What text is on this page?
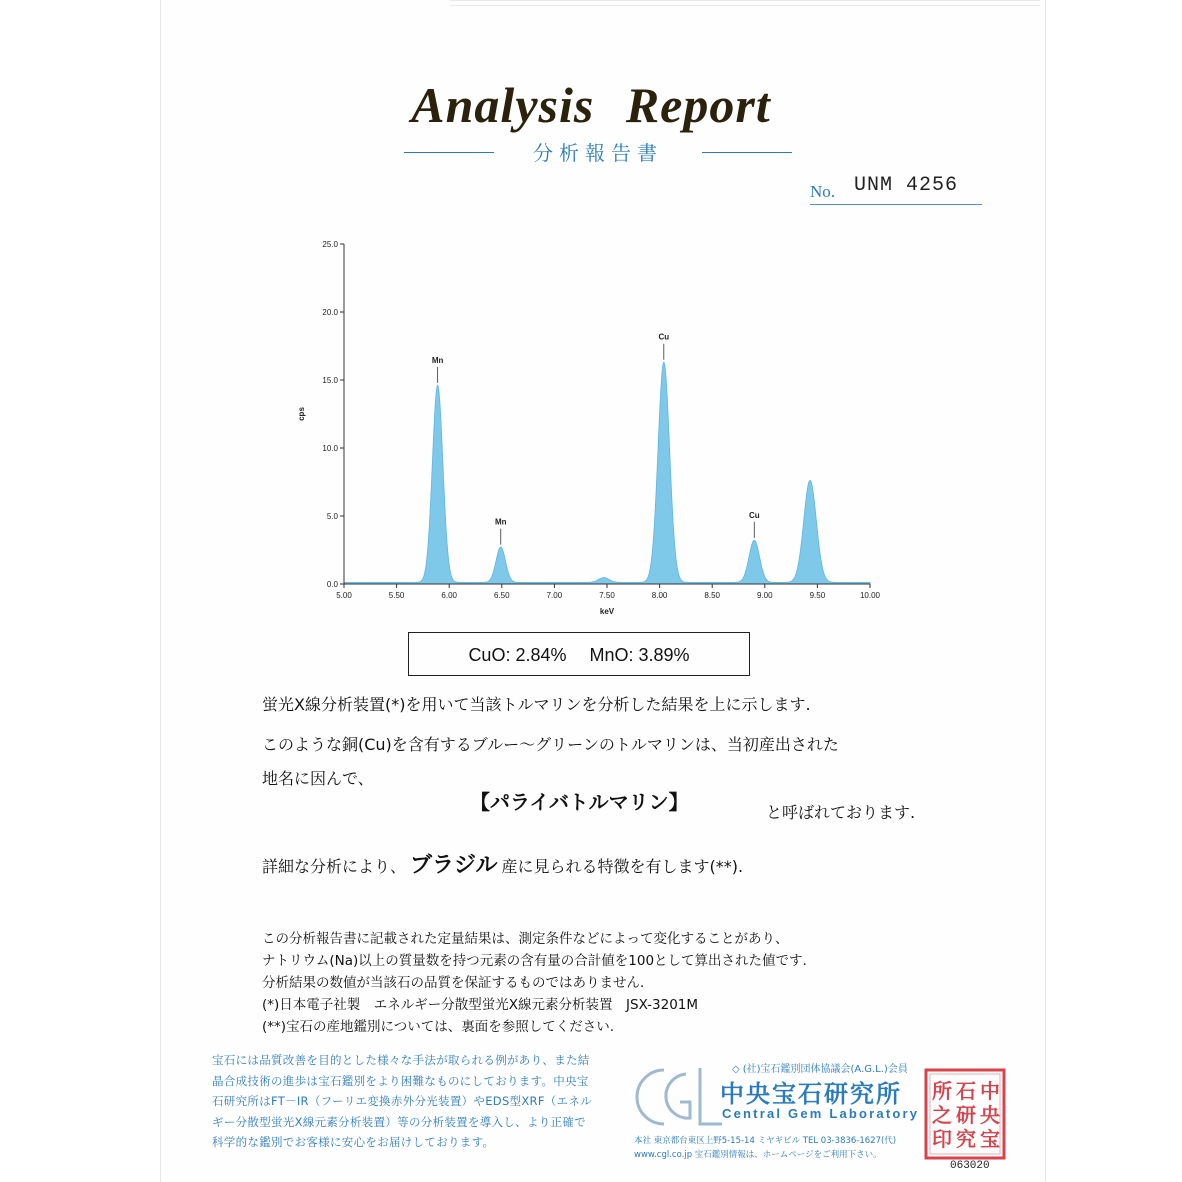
Analysis Report
分析報告書
No. UNM 4256
5.00	5.50	6.00	6.50	7.00	7.50	8.00	8.50	9.00	9.50	10.00
0.0
5.0
10.0
15.0
20.0
25.0
keV
cps
Mn
Mn
Cu
Cu
CuO: 2.84% MnO: 3.89%
蛍光X線分析装置(*)を用いて当該トルマリンを分析した結果を上に示します.
このような銅(Cu)を含有するブルー～グリーンのトルマリンは、当初産出された
地名に因んで、
【パライバトルマリン】	と呼ばれております.
詳細な分析により、 ブラジル 産に見られる特徴を有します(**).
この分析報告書に記載された定量結果は、測定条件などによって変化することがあり、
ナトリウム(Na)以上の質量数を持つ元素の含有量の合計値を100として算出された値です.
分析結果の数値が当該石の品質を保証するものではありません.
(*)日本電子社製　エネルギー分散型蛍光X線元素分析装置　JSX-3201M
(**)宝石の産地鑑別については、裏面を参照してください.
宝石には品質改善を目的とした様々な手法が取られる例があり、また結晶合成技術の進歩は宝石鑑別をより困難なものにしております。中央宝石研究所はFT－IR（フーリエ変換赤外分光装置）やEDS型XRF（エネルギー分散型蛍光X線元素分析装置）等の分析装置を導入し、より正確で科学的な鑑別でお客様に安心をお届けしております。
◇ (社)宝石鑑別団体協議会(A.G.L.)会員
中央宝石研究所
Central Gem Laboratory
本社 東京都台東区上野5-15-14 ミヤギビル TEL 03-3836-1627(代)
www.cgl.co.jp 宝石鑑別情報は、ホームページをご利用下さい。
中
央
宝
石
研
究
所
之
印
063020
